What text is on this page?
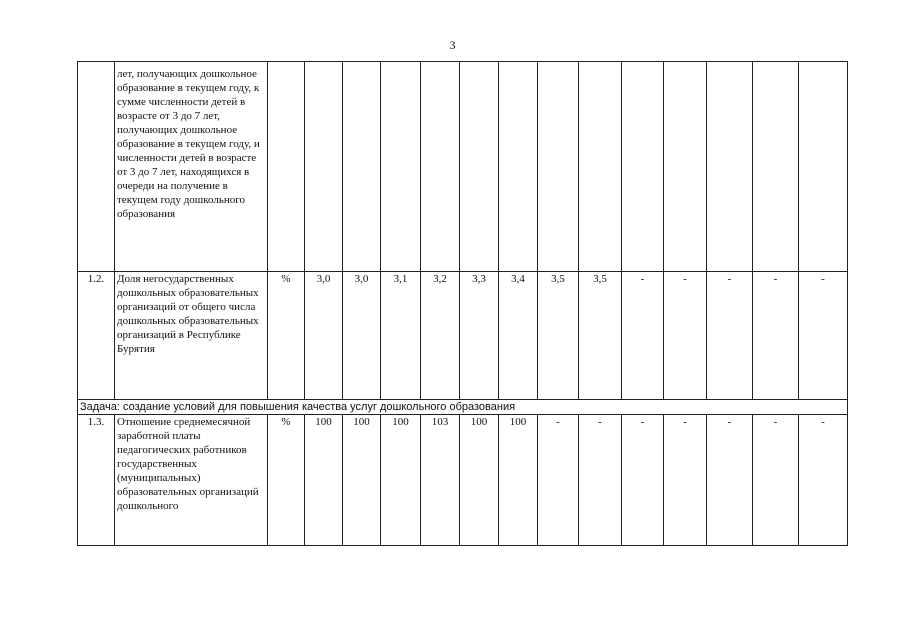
3
	лет, получающих дошкольное образование в текущем году, к сумме численности детей в возрасте от 3 до 7 лет, получающих дошкольное образование в текущем году, и численности детей в возрасте от 3 до 7 лет, находящихся в очереди на получение в текущем году дошкольного образования														
1.2.	Доля негосударственных дошкольных образовательных организаций от общего числа дошкольных образовательных организаций в Республике Бурятия	%	3,0	3,0	3,1	3,2	3,3	3,4	3,5	3,5	-	-	-	-	-
Задача: создание условий для повышения качества услуг дошкольного образования															
1.3.	Отношение среднемесячной заработной платы педагогических работников государственных (муниципальных) образовательных организаций дошкольного	%	100	100	100	103	100	100	-	-	-	-	-	-	-
